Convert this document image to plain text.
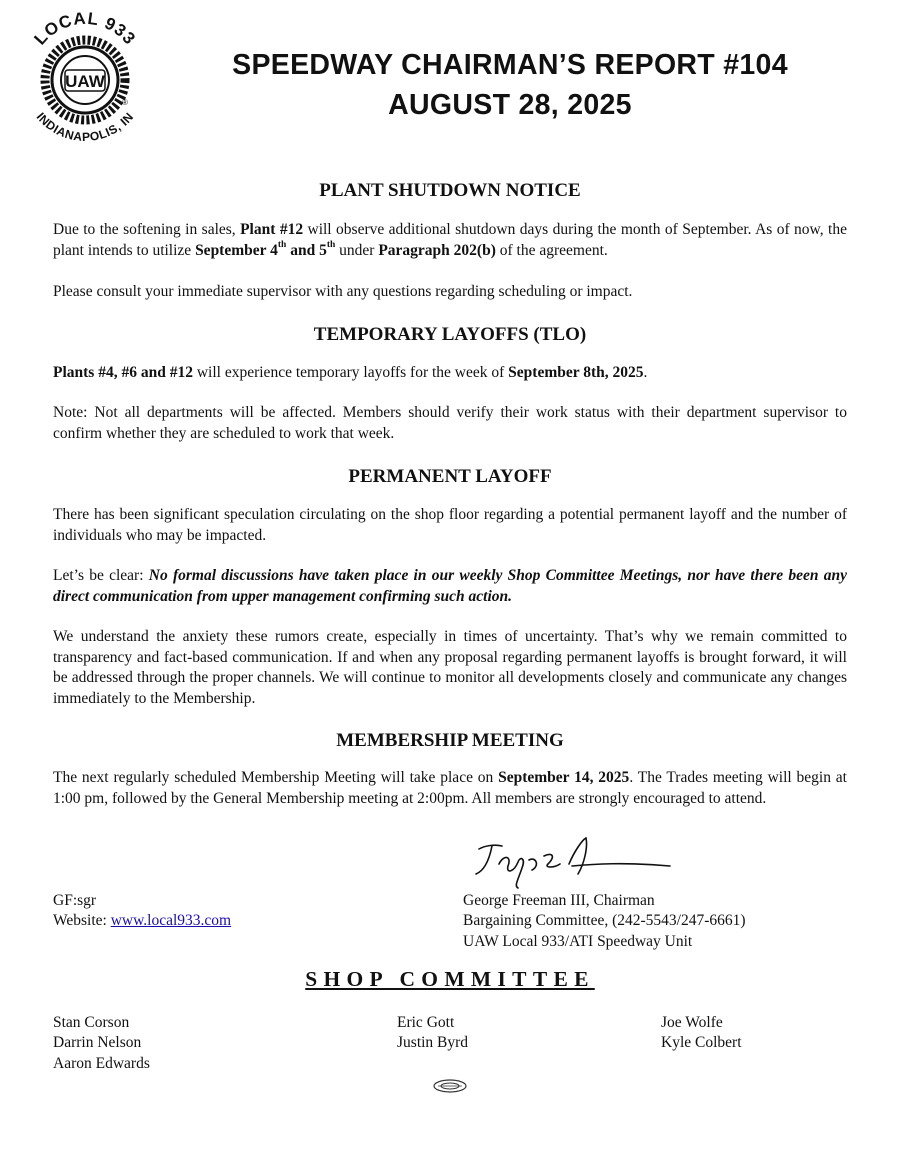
LOCAL 933
INDIANAPOLIS, IN
UAW
®
SPEEDWAY CHAIRMAN’S REPORT #104
AUGUST 28, 2025
PLANT SHUTDOWN NOTICE
Due to the softening in sales, Plant #12 will observe additional shutdown days during the month of September. As of now, the plant intends to utilize September 4th and 5th under Paragraph 202(b) of the agreement.
Please consult your immediate supervisor with any questions regarding scheduling or impact.
TEMPORARY LAYOFFS (TLO)
Plants #4, #6 and #12 will experience temporary layoffs for the week of September 8th, 2025.
Note: Not all departments will be affected. Members should verify their work status with their department supervisor to confirm whether they are scheduled to work that week.
PERMANENT LAYOFF
There has been significant speculation circulating on the shop floor regarding a potential permanent layoff and the number of individuals who may be impacted.
Let’s be clear: No formal discussions have taken place in our weekly Shop Committee Meetings, nor have there been any direct communication from upper management confirming such action.
We understand the anxiety these rumors create, especially in times of uncertainty. That’s why we remain committed to transparency and fact-based communication. If and when any proposal regarding permanent layoffs is brought forward, it will be addressed through the proper channels. We will continue to monitor all developments closely and communicate any changes immediately to the Membership.
MEMBERSHIP MEETING
The next regularly scheduled Membership Meeting will take place on September 14, 2025. The Trades meeting will begin at 1:00 pm, followed by the General Membership meeting at 2:00pm. All members are strongly encouraged to attend.
GF:sgr
Website: www.local933.com
George Freeman III, Chairman
Bargaining Committee, (242-5543/247-6661)
UAW Local 933/ATI Speedway Unit
SHOP COMMITTEE
Stan Corson
Darrin Nelson
Aaron Edwards
Eric Gott
Justin Byrd
Joe Wolfe
Kyle Colbert
